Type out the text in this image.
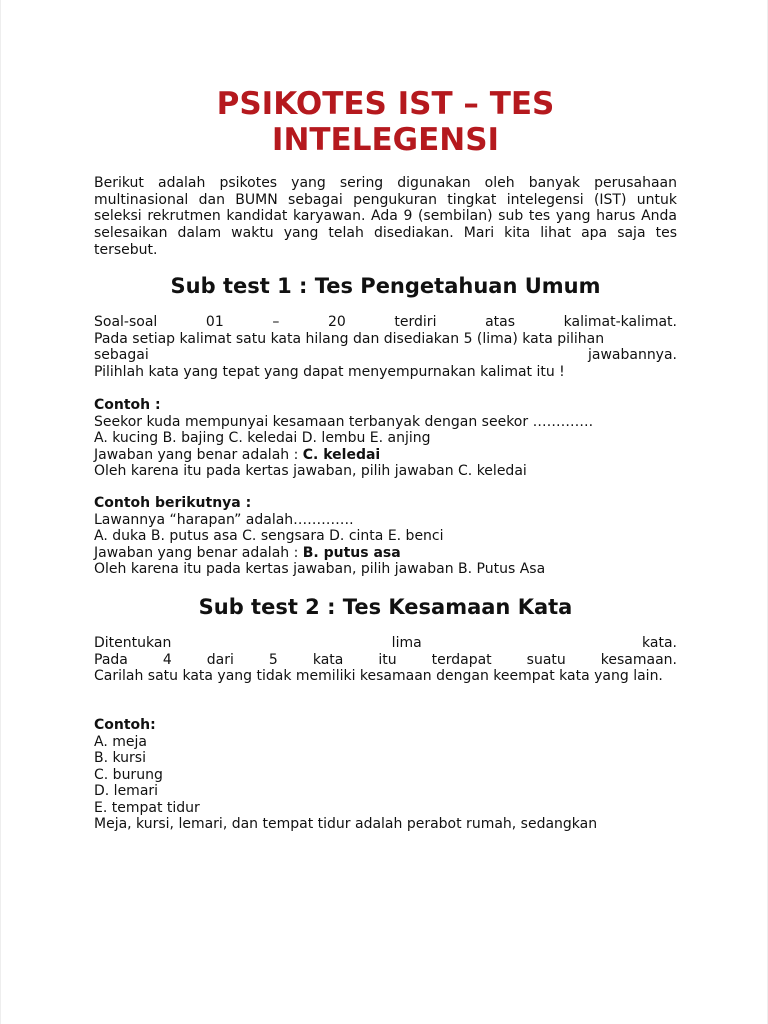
PSIKOTES IST – TES
INTELEGENSI

Berikut adalah psikotes yang sering digunakan oleh banyak perusahaan multinasional dan BUMN sebagai pengukuran tingkat intelegensi (IST) untuk seleksi rekrutmen kandidat karyawan. Ada 9 (sembilan) sub tes yang harus Anda selesaikan dalam waktu yang telah disediakan. Mari kita lihat apa saja tes tersebut.

Sub test 1 : Tes Pengetahuan Umum
Soal-soal 01 – 20 terdiri atas kalimat-kalimat.
Pada setiap kalimat satu kata hilang dan disediakan 5 (lima) kata pilihan
sebagai jawabannya.
Pilihlah kata yang tepat yang dapat menyempurnakan kalimat itu !
Contoh :
Seekor kuda mempunyai kesamaan terbanyak dengan seekor ………….
A. kucing B. bajing C. keledai D. lembu E. anjing
Jawaban yang benar adalah : C. keledai
Oleh karena itu pada kertas jawaban, pilih jawaban C. keledai
Contoh berikutnya :
Lawannya “harapan” adalah………….
A. duka B. putus asa C. sengsara D. cinta E. benci
Jawaban yang benar adalah : B. putus asa
Oleh karena itu pada kertas jawaban, pilih jawaban B. Putus Asa
Sub test 2 : Tes Kesamaan Kata
Ditentukan lima kata.
Pada 4 dari 5 kata itu terdapat suatu kesamaan.
Carilah satu kata yang tidak memiliki kesamaan dengan keempat kata yang lain.
Contoh:
A. meja
B. kursi
C. burung
D. lemari
E. tempat tidur
Meja, kursi, lemari, dan tempat tidur adalah perabot rumah, sedangkan
